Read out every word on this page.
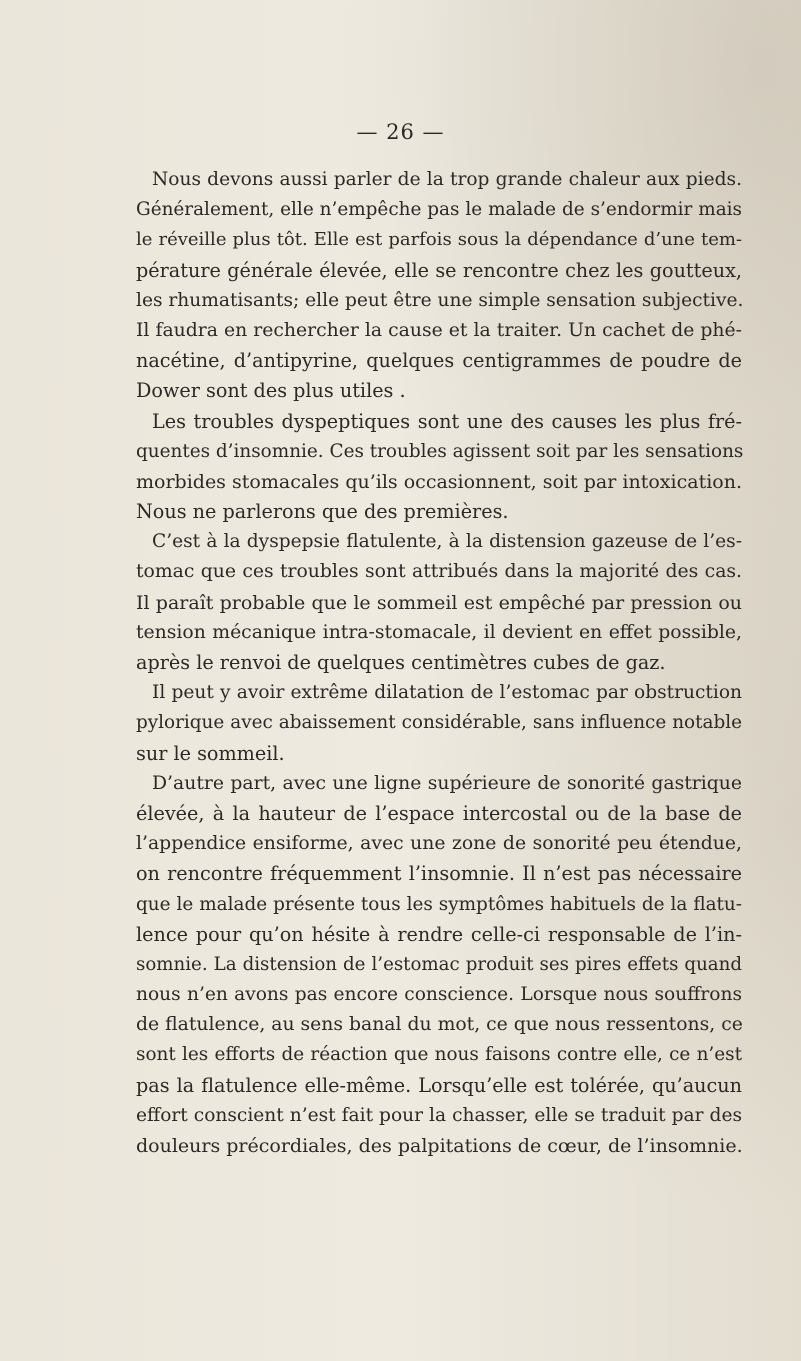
— 26 —
Nous devons aussi parler de la trop grande chaleur aux pieds.
Généralement, elle n’empêche pas le malade de s’endormir mais
le réveille plus tôt. Elle est parfois sous la dépendance d’une tem-
pérature générale élevée, elle se rencontre chez les goutteux,
les rhumatisants; elle peut être une simple sensation subjective.
Il faudra en rechercher la cause et la traiter. Un cachet de phé-
nacétine, d’antipyrine, quelques centigrammes de poudre de
Dower sont des plus utiles .
Les troubles dyspeptiques sont une des causes les plus fré-
quentes d’insomnie. Ces troubles agissent soit par les sensations
morbides stomacales qu’ils occasionnent, soit par intoxication.
Nous ne parlerons que des premières.
C’est à la dyspepsie flatulente, à la distension gazeuse de l’es-
tomac que ces troubles sont attribués dans la majorité des cas.
Il paraît probable que le sommeil est empêché par pression ou
tension mécanique intra-stomacale, il devient en effet possible,
après le renvoi de quelques centimètres cubes de gaz.
Il peut y avoir extrême dilatation de l’estomac par obstruction
pylorique avec abaissement considérable, sans influence notable
sur le sommeil.
D’autre part, avec une ligne supérieure de sonorité gastrique
élevée, à la hauteur de l’espace intercostal ou de la base de
l’appendice ensiforme, avec une zone de sonorité peu étendue,
on rencontre fréquemment l’insomnie. Il n’est pas nécessaire
que le malade présente tous les symptômes habituels de la flatu-
lence pour qu’on hésite à rendre celle-ci responsable de l’in-
somnie. La distension de l’estomac produit ses pires effets quand
nous n’en avons pas encore conscience. Lorsque nous souffrons
de flatulence, au sens banal du mot, ce que nous ressentons, ce
sont les efforts de réaction que nous faisons contre elle, ce n’est
pas la flatulence elle-même. Lorsqu’elle est tolérée, qu’aucun
effort conscient n’est fait pour la chasser, elle se traduit par des
douleurs précordiales, des palpitations de cœur, de l’insomnie.
